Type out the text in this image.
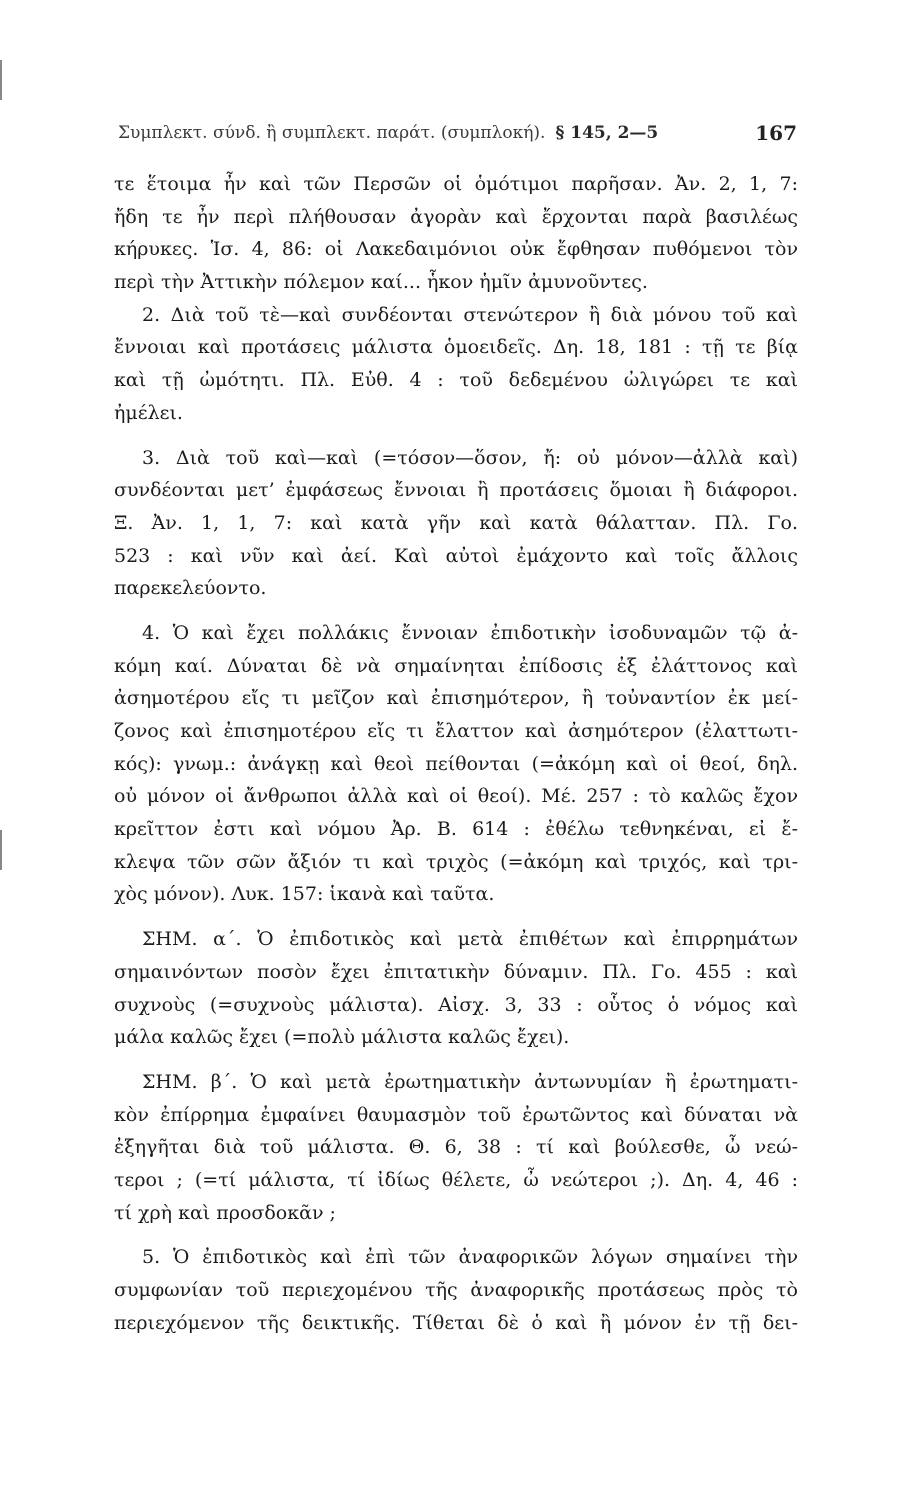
Συμπλεκτ. σύνδ. ἢ συμπλεκτ. παράτ. (συμπλοκή). § 145, 2—5	167
τε ἕτοιμα ἦν καὶ τῶν Περσῶν οἱ ὁμότιμοι παρῆσαν. Ἀν. 2, 1, 7:
ἤδη τε ἦν περὶ πλήθουσαν ἀγορὰν καὶ ἔρχονται παρὰ βασιλέως
κήρυκες. Ἱσ. 4, 86: οἱ Λακεδαιμόνιοι οὐκ ἔφθησαν πυθόμενοι τὸν
περὶ τὴν Ἀττικὴν πόλεμον καί... ἧκον ἡμῖν ἀμυνοῦντες.
2. Διὰ τοῦ τὲ—καὶ συνδέονται στενώτερον ἢ διὰ μόνου τοῦ καὶ
ἔννοιαι καὶ προτάσεις μάλιστα ὁμοειδεῖς. Δη. 18, 181 : τῇ τε βίᾳ
καὶ τῇ ὠμότητι. Πλ. Εὐθ. 4 : τοῦ δεδεμένου ὠλιγώρει τε καὶ
ἠμέλει.
3. Διὰ τοῦ καὶ—καὶ (=τόσον—ὅσον, ἤ: οὐ μόνον—ἀλλὰ καὶ)
συνδέονται μετ’ ἐμφάσεως ἔννοιαι ἢ προτάσεις ὅμοιαι ἢ διάφοροι.
Ξ. Ἀν. 1, 1, 7: καὶ κατὰ γῆν καὶ κατὰ θάλατταν. Πλ. Γο.
523 : καὶ νῦν καὶ ἀεί. Καὶ αὐτοὶ ἐμάχοντο καὶ τοῖς ἄλλοις
παρεκελεύοντο.
4. Ὁ καὶ ἔχει πολλάκις ἔννοιαν ἐπιδοτικὴν ἰσοδυναμῶν τῷ ἀ-
κόμη καί. Δύναται δὲ νὰ σημαίνηται ἐπίδοσις ἐξ ἐλάττονος καὶ
ἀσημοτέρου εἴς τι μεῖζον καὶ ἐπισημότερον, ἢ τοὐναντίον ἐκ μεί-
ζονος καὶ ἐπισημοτέρου εἴς τι ἔλαττον καὶ ἀσημότερον (ἐλαττωτι-
κός): γνωμ.: ἀνάγκῃ καὶ θεοὶ πείθονται (=ἀκόμη καὶ οἱ θεοί, δηλ.
οὐ μόνον οἱ ἄνθρωποι ἀλλὰ καὶ οἱ θεοί). Μέ. 257 : τὸ καλῶς ἔχον
κρεῖττον ἐστι καὶ νόμου Ἀρ. Β. 614 : ἐθέλω τεθνηκέναι, εἰ ἔ-
κλεψα τῶν σῶν ἄξιόν τι καὶ τριχὸς (=ἀκόμη καὶ τριχός, καὶ τρι-
χὸς μόνον). Λυκ. 157: ἱκανὰ καὶ ταῦτα.
ΣΗΜ. α΄. Ὁ ἐπιδοτικὸς καὶ μετὰ ἐπιθέτων καὶ ἐπιρρημάτων
σημαινόντων ποσὸν ἔχει ἐπιτατικὴν δύναμιν. Πλ. Γο. 455 : καὶ
συχνοὺς (=συχνοὺς μάλιστα). Αἰσχ. 3, 33 : οὗτος ὁ νόμος καὶ
μάλα καλῶς ἔχει (=πολὺ μάλιστα καλῶς ἔχει).
ΣΗΜ. β΄. Ὁ καὶ μετὰ ἐρωτηματικὴν ἀντωνυμίαν ἢ ἐρωτηματι-
κὸν ἐπίρρημα ἐμφαίνει θαυμασμὸν τοῦ ἐρωτῶντος καὶ δύναται νὰ
ἐξηγῆται διὰ τοῦ μάλιστα. Θ. 6, 38 : τί καὶ βούλεσθε, ὦ νεώ-
τεροι ; (=τί μάλιστα, τί ἰδίως θέλετε, ὦ νεώτεροι ;). Δη. 4, 46 :
τί χρὴ καὶ προσδοκᾶν ;
5. Ὁ ἐπιδοτικὸς καὶ ἐπὶ τῶν ἀναφορικῶν λόγων σημαίνει τὴν
συμφωνίαν τοῦ περιεχομένου τῆς ἀναφορικῆς προτάσεως πρὸς τὸ
περιεχόμενον τῆς δεικτικῆς. Τίθεται δὲ ὁ καὶ ἢ μόνον ἐν τῇ δει-
